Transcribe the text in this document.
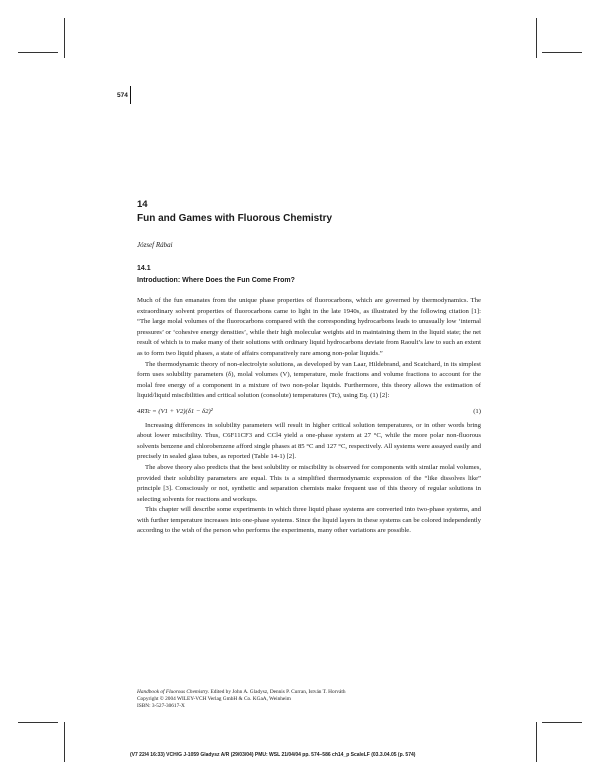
574
14
Fun and Games with Fluorous Chemistry
József Rábai
14.1
Introduction: Where Does the Fun Come From?

Much of the fun emanates from the unique phase properties of fluorocarbons, which are governed by thermodynamics. The extraordinary solvent properties of fluorocarbons came to light in the late 1940s, as illustrated by the following citation [1]: “The large molal volumes of the fluorocarbons compared with the corresponding hydrocarbons leads to unusually low ‘internal pressures’ or ‘cohesive energy densities’, while their high molecular weights aid in maintaining them in the liquid state; the net result of which is to make many of their solutions with ordinary liquid hydrocarbons deviate from Raoult’s law to such an extent as to form two liquid phases, a state of affairs comparatively rare among non-polar liquids.”

The thermodynamic theory of non-electrolyte solutions, as developed by van Laar, Hildebrand, and Scatchard, in its simplest form uses solubility parameters (δ), molal volumes (V), temperature, mole fractions and volume fractions to account for the molal free energy of a component in a mixture of two non-polar liquids. Furthermore, this theory allows the estimation of liquid/liquid miscibilities and critical solution (consolute) temperatures (Tc), using Eq. (1) [2]:

4RTc = (V1 + V2)(δ1 − δ2)²	(1)

Increasing differences in solubility parameters will result in higher critical solution temperatures, or in other words bring about lower miscibility. Thus, C6F11CF3 and CCl4 yield a one-phase system at 27 °C, while the more polar non-fluorous solvents benzene and chlorobenzene afford single phases at 85 °C and 127 °C, respectively. All systems were assayed easily and precisely in sealed glass tubes, as reported (Table 14-1) [2].

The above theory also predicts that the best solubility or miscibility is observed for components with similar molal volumes, provided their solubility parameters are equal. This is a simplified thermodynamic expression of the “like dissolves like” principle [3]. Consciously or not, synthetic and separation chemists make frequent use of this theory of regular solutions in selecting solvents for reactions and workups.

This chapter will describe some experiments in which three liquid phase systems are converted into two-phase systems, and with further temperature increases into one-phase systems. Since the liquid layers in these systems can be colored independently according to the wish of the person who performs the experiments, many other variations are possible.

Handbook of Fluorous Chemistry. Edited by John A. Gladysz, Dennis P. Curran, István T. Horváth
Copyright © 2004 WILEY-VCH Verlag GmbH & Co. KGaA, Weinheim
ISBN: 3-527-30617-X
(V7 22/4 16:33) VCH/G J-1059 Gladysz A/R (29/03/04) PMU: WSL 21/04/04 pp. 574–586 ch14_p ScaleLF (03.3.04.05 (p. 574)
